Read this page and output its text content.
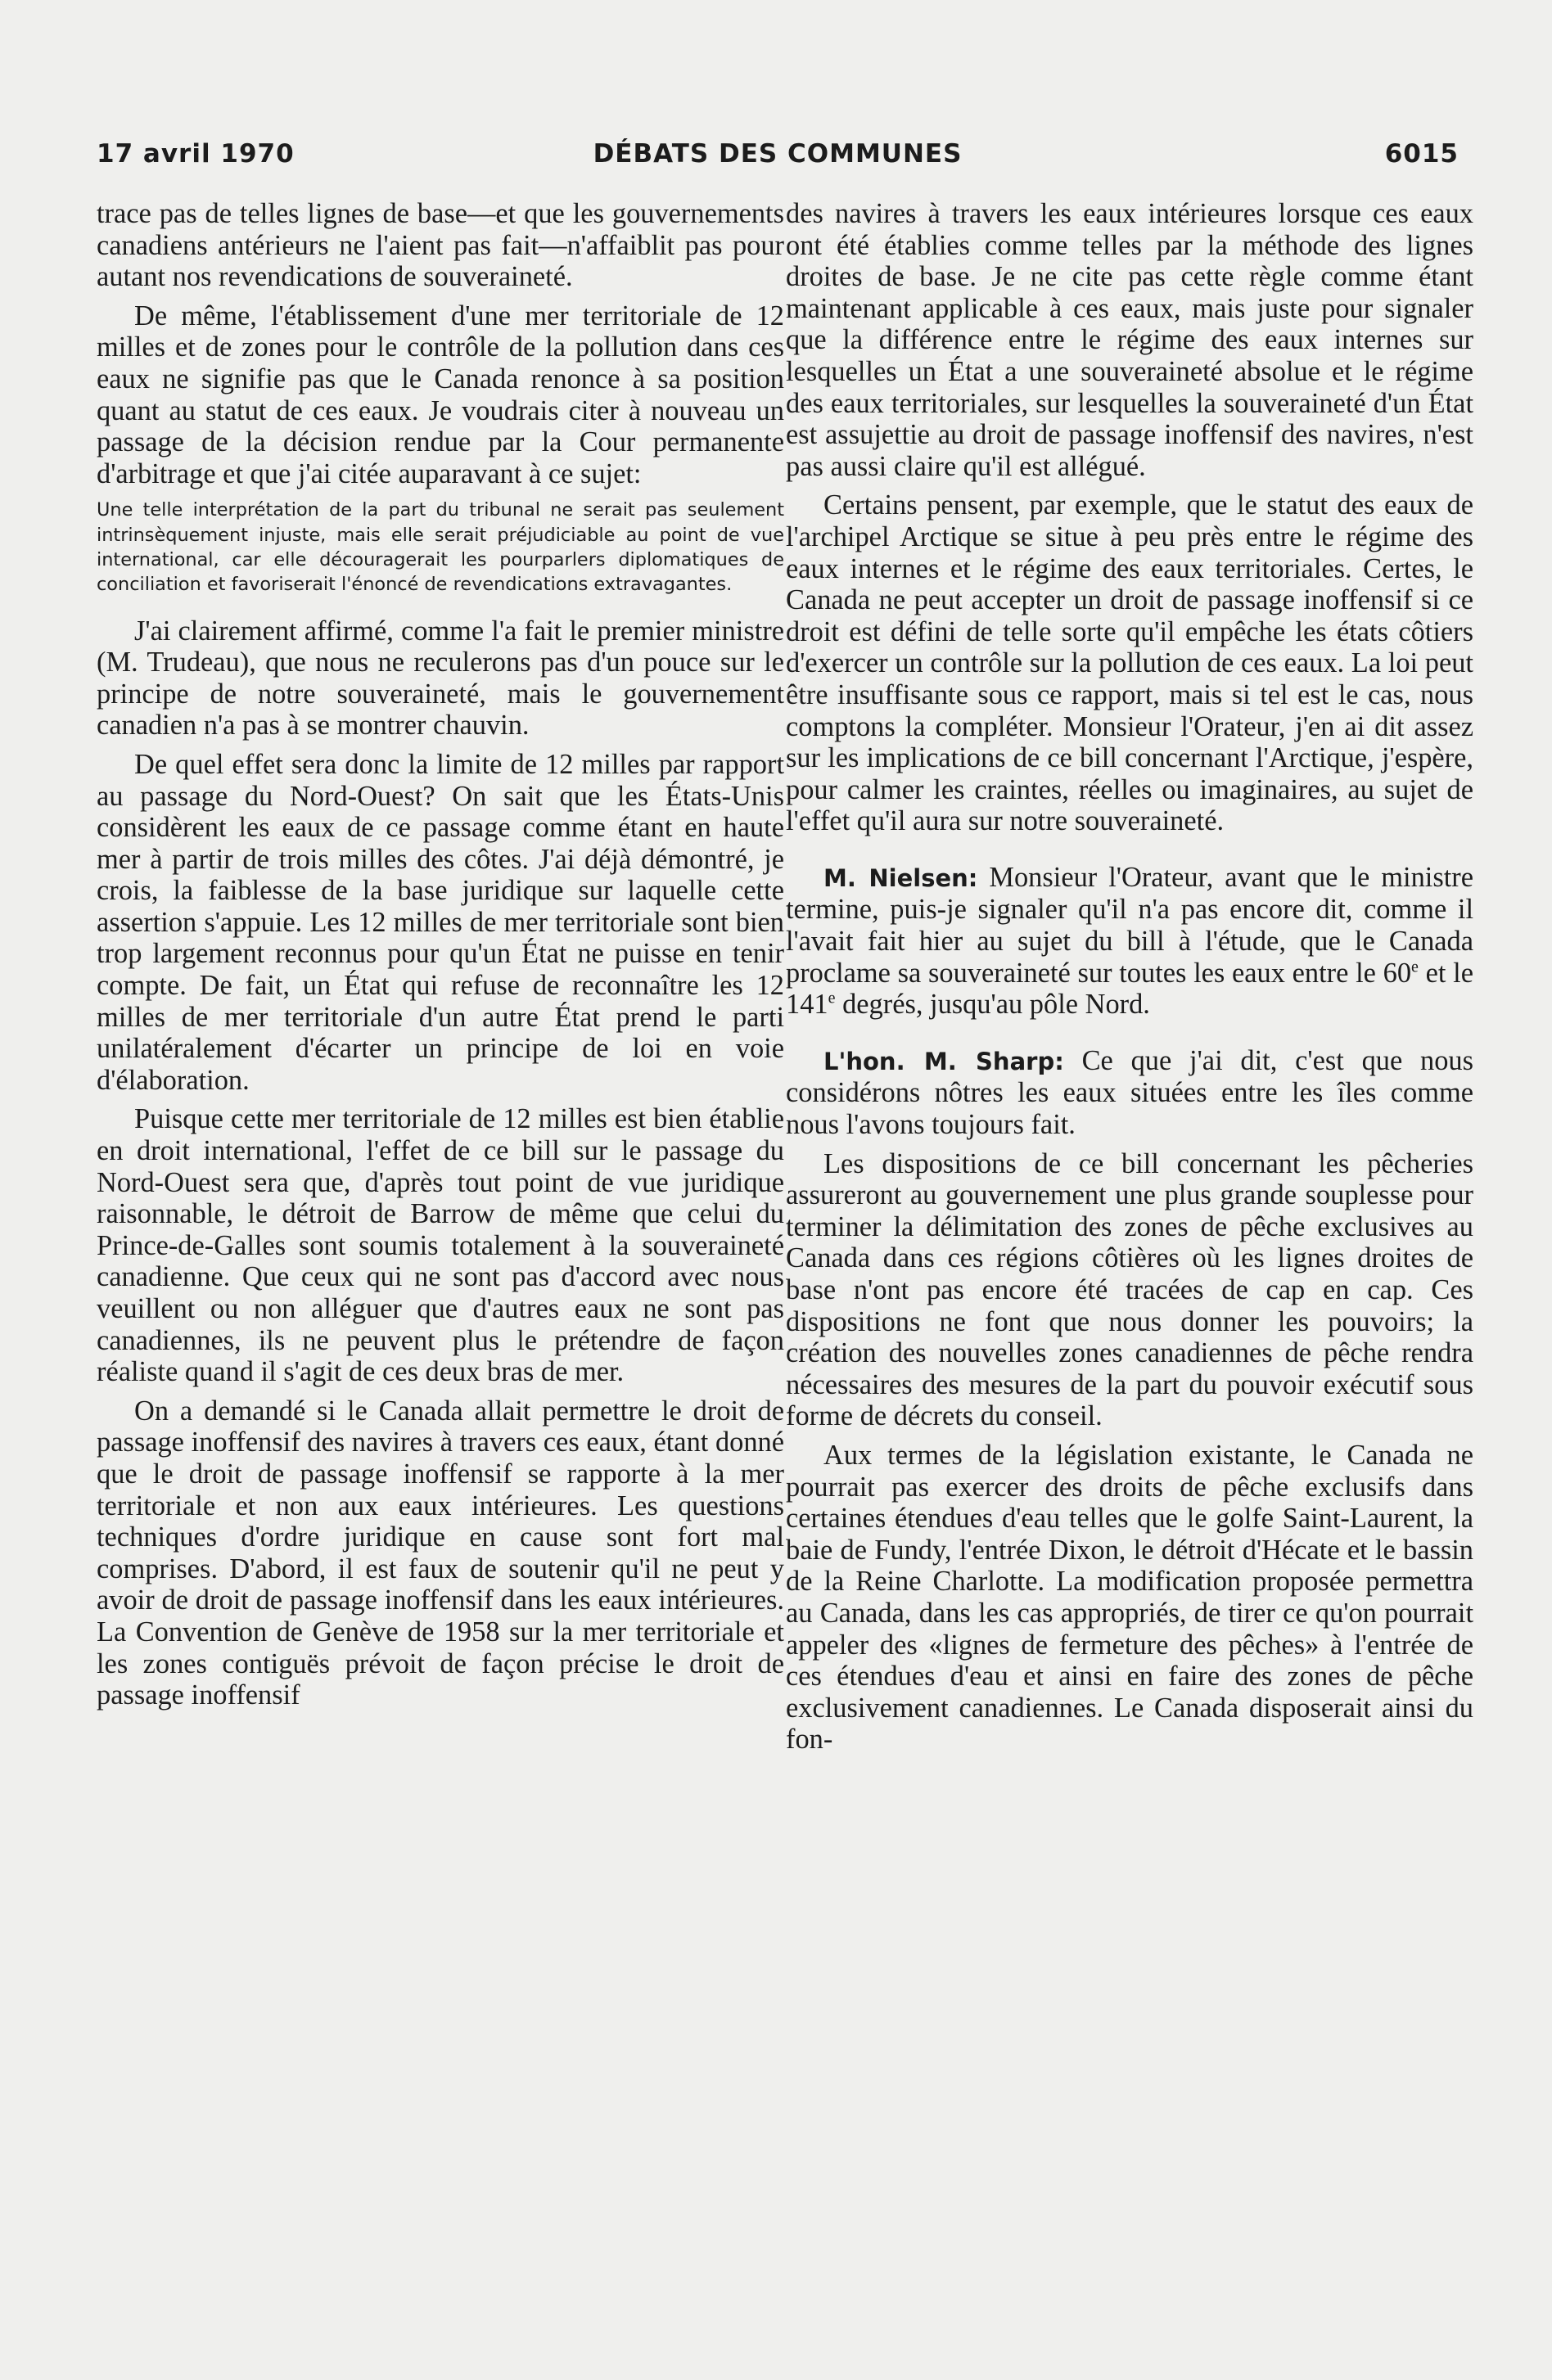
17 avril 1970	DÉBATS DES COMMUNES	6015

trace pas de telles lignes de base—et que les gouvernements canadiens antérieurs ne l'aient pas fait—n'affaiblit pas pour autant nos revendications de souveraineté.

De même, l'établissement d'une mer territoriale de 12 milles et de zones pour le contrôle de la pollution dans ces eaux ne signifie pas que le Canada renonce à sa position quant au statut de ces eaux. Je voudrais citer à nouveau un passage de la décision rendue par la Cour permanente d'arbitrage et que j'ai citée auparavant à ce sujet:

Une telle interprétation de la part du tribunal ne serait pas seulement intrinsèquement injuste, mais elle serait préjudiciable au point de vue international, car elle découragerait les pourparlers diplomatiques de conciliation et favoriserait l'énoncé de revendications extravagantes.

J'ai clairement affirmé, comme l'a fait le premier ministre (M. Trudeau), que nous ne reculerons pas d'un pouce sur le principe de notre souveraineté, mais le gouvernement canadien n'a pas à se montrer chauvin.

De quel effet sera donc la limite de 12 milles par rapport au passage du Nord-Ouest? On sait que les États-Unis considèrent les eaux de ce passage comme étant en haute mer à partir de trois milles des côtes. J'ai déjà démontré, je crois, la faiblesse de la base juridique sur laquelle cette assertion s'appuie. Les 12 milles de mer territoriale sont bien trop largement reconnus pour qu'un État ne puisse en tenir compte. De fait, un État qui refuse de reconnaître les 12 milles de mer territoriale d'un autre État prend le parti unilatéralement d'écarter un principe de loi en voie d'élaboration.

Puisque cette mer territoriale de 12 milles est bien établie en droit international, l'effet de ce bill sur le passage du Nord-Ouest sera que, d'après tout point de vue juridique raisonnable, le détroit de Barrow de même que celui du Prince-de-Galles sont soumis totalement à la souveraineté canadienne. Que ceux qui ne sont pas d'accord avec nous veuillent ou non alléguer que d'autres eaux ne sont pas canadiennes, ils ne peuvent plus le prétendre de façon réaliste quand il s'agit de ces deux bras de mer.

On a demandé si le Canada allait permettre le droit de passage inoffensif des navires à travers ces eaux, étant donné que le droit de passage inoffensif se rapporte à la mer territoriale et non aux eaux intérieures. Les questions techniques d'ordre juridique en cause sont fort mal comprises. D'abord, il est faux de soutenir qu'il ne peut y avoir de droit de passage inoffensif dans les eaux intérieures. La Convention de Genève de 1958 sur la mer territoriale et les zones contiguës prévoit de façon précise le droit de passage inoffensif

des navires à travers les eaux intérieures lorsque ces eaux ont été établies comme telles par la méthode des lignes droites de base. Je ne cite pas cette règle comme étant maintenant applicable à ces eaux, mais juste pour signaler que la différence entre le régime des eaux internes sur lesquelles un État a une souveraineté absolue et le régime des eaux territoriales, sur lesquelles la souveraineté d'un État est assujettie au droit de passage inoffensif des navires, n'est pas aussi claire qu'il est allégué.

Certains pensent, par exemple, que le statut des eaux de l'archipel Arctique se situe à peu près entre le régime des eaux internes et le régime des eaux territoriales. Certes, le Canada ne peut accepter un droit de passage inoffensif si ce droit est défini de telle sorte qu'il empêche les états côtiers d'exercer un contrôle sur la pollution de ces eaux. La loi peut être insuffisante sous ce rapport, mais si tel est le cas, nous comptons la compléter. Monsieur l'Orateur, j'en ai dit assez sur les implications de ce bill concernant l'Arctique, j'espère, pour calmer les craintes, réelles ou imaginaires, au sujet de l'effet qu'il aura sur notre souveraineté.

M. Nielsen: Monsieur l'Orateur, avant que le ministre termine, puis-je signaler qu'il n'a pas encore dit, comme il l'avait fait hier au sujet du bill à l'étude, que le Canada proclame sa souveraineté sur toutes les eaux entre le 60e et le 141e degrés, jusqu'au pôle Nord.

L'hon. M. Sharp: Ce que j'ai dit, c'est que nous considérons nôtres les eaux situées entre les îles comme nous l'avons toujours fait.

Les dispositions de ce bill concernant les pêcheries assureront au gouvernement une plus grande souplesse pour terminer la délimitation des zones de pêche exclusives au Canada dans ces régions côtières où les lignes droites de base n'ont pas encore été tracées de cap en cap. Ces dispositions ne font que nous donner les pouvoirs; la création des nouvelles zones canadiennes de pêche rendra nécessaires des mesures de la part du pouvoir exécutif sous forme de décrets du conseil.

Aux termes de la législation existante, le Canada ne pourrait pas exercer des droits de pêche exclusifs dans certaines étendues d'eau telles que le golfe Saint-Laurent, la baie de Fundy, l'entrée Dixon, le détroit d'Hécate et le bassin de la Reine Charlotte. La modification proposée permettra au Canada, dans les cas appropriés, de tirer ce qu'on pourrait appeler des «lignes de fermeture des pêches» à l'entrée de ces étendues d'eau et ainsi en faire des zones de pêche exclusivement canadiennes. Le Canada disposerait ainsi du fon-
